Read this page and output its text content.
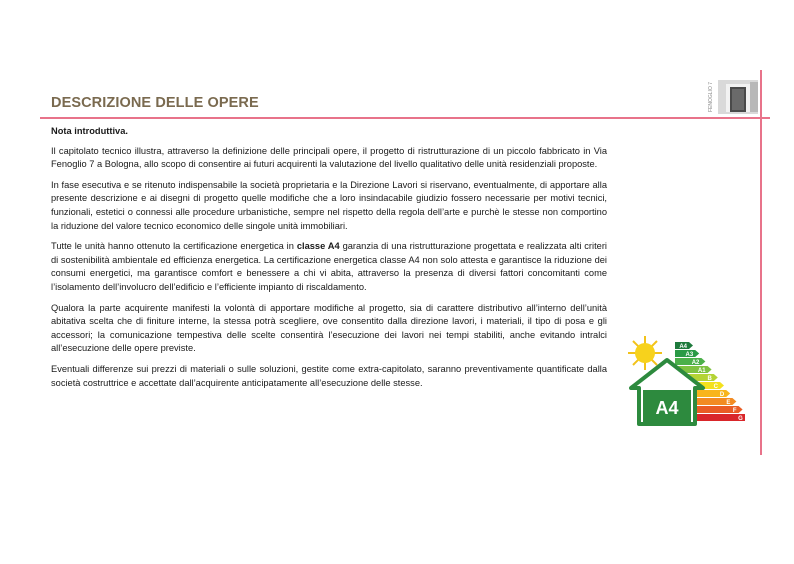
DESCRIZIONE DELLE OPERE	FENOGLIO 7

Nota introduttiva.

Il capitolato tecnico illustra, attraverso la definizione delle principali opere, il progetto di ristrutturazione di un piccolo fabbricato in Via Fenoglio 7 a Bologna, allo scopo di consentire ai futuri acquirenti la valutazione del livello qualitativo delle unità residenziali proposte.

In fase esecutiva e se ritenuto indispensabile la società proprietaria e la Direzione Lavori si riservano, eventualmente, di apportare alla presente descrizione e ai disegni di progetto quelle modifiche che a loro insindacabile giudizio fossero necessarie per motivi tecnici, funzionali, estetici o connessi alle procedure urbanistiche, sempre nel rispetto della regola dell’arte e purchè le stesse non comportino la riduzione del valore tecnico economico delle singole unità immobiliari.

Tutte le unità hanno ottenuto la certificazione energetica in classe A4 garanzia di una ristrutturazione progettata e realizzata alti criteri di sostenibilità ambientale ed efficienza energetica. La certificazione energetica classe A4 non solo attesta e garantisce la riduzione dei consumi energetici, ma garantisce comfort e benessere a chi vi abita, attraverso la presenza di diversi fattori concomitanti come l’isolamento dell’involucro dell’edificio e l’efficiente impianto di riscaldamento.

Qualora la parte acquirente manifesti la volontà di apportare modifiche al progetto, sia di carattere distributivo all’interno dell’unità abitativa scelta che di finiture interne, la stessa potrà scegliere, ove consentito dalla direzione lavori, i materiali, il tipo di posa e gli accessori; la comunicazione tempestiva delle scelte consentirà l’esecuzione dei lavori nei tempi stabiliti, anche evitando intralci all’esecuzione delle opere previste.

Eventuali differenze sui prezzi di materiali o sulle soluzioni, gestite come extra-capitolato, saranno preventivamente quantificate dalla società costruttrice e accettate dall’acquirente anticipatamente all’esecuzione delle stesse.

A4
A3
A2
A1
B
C
D
E
F
G
A4
